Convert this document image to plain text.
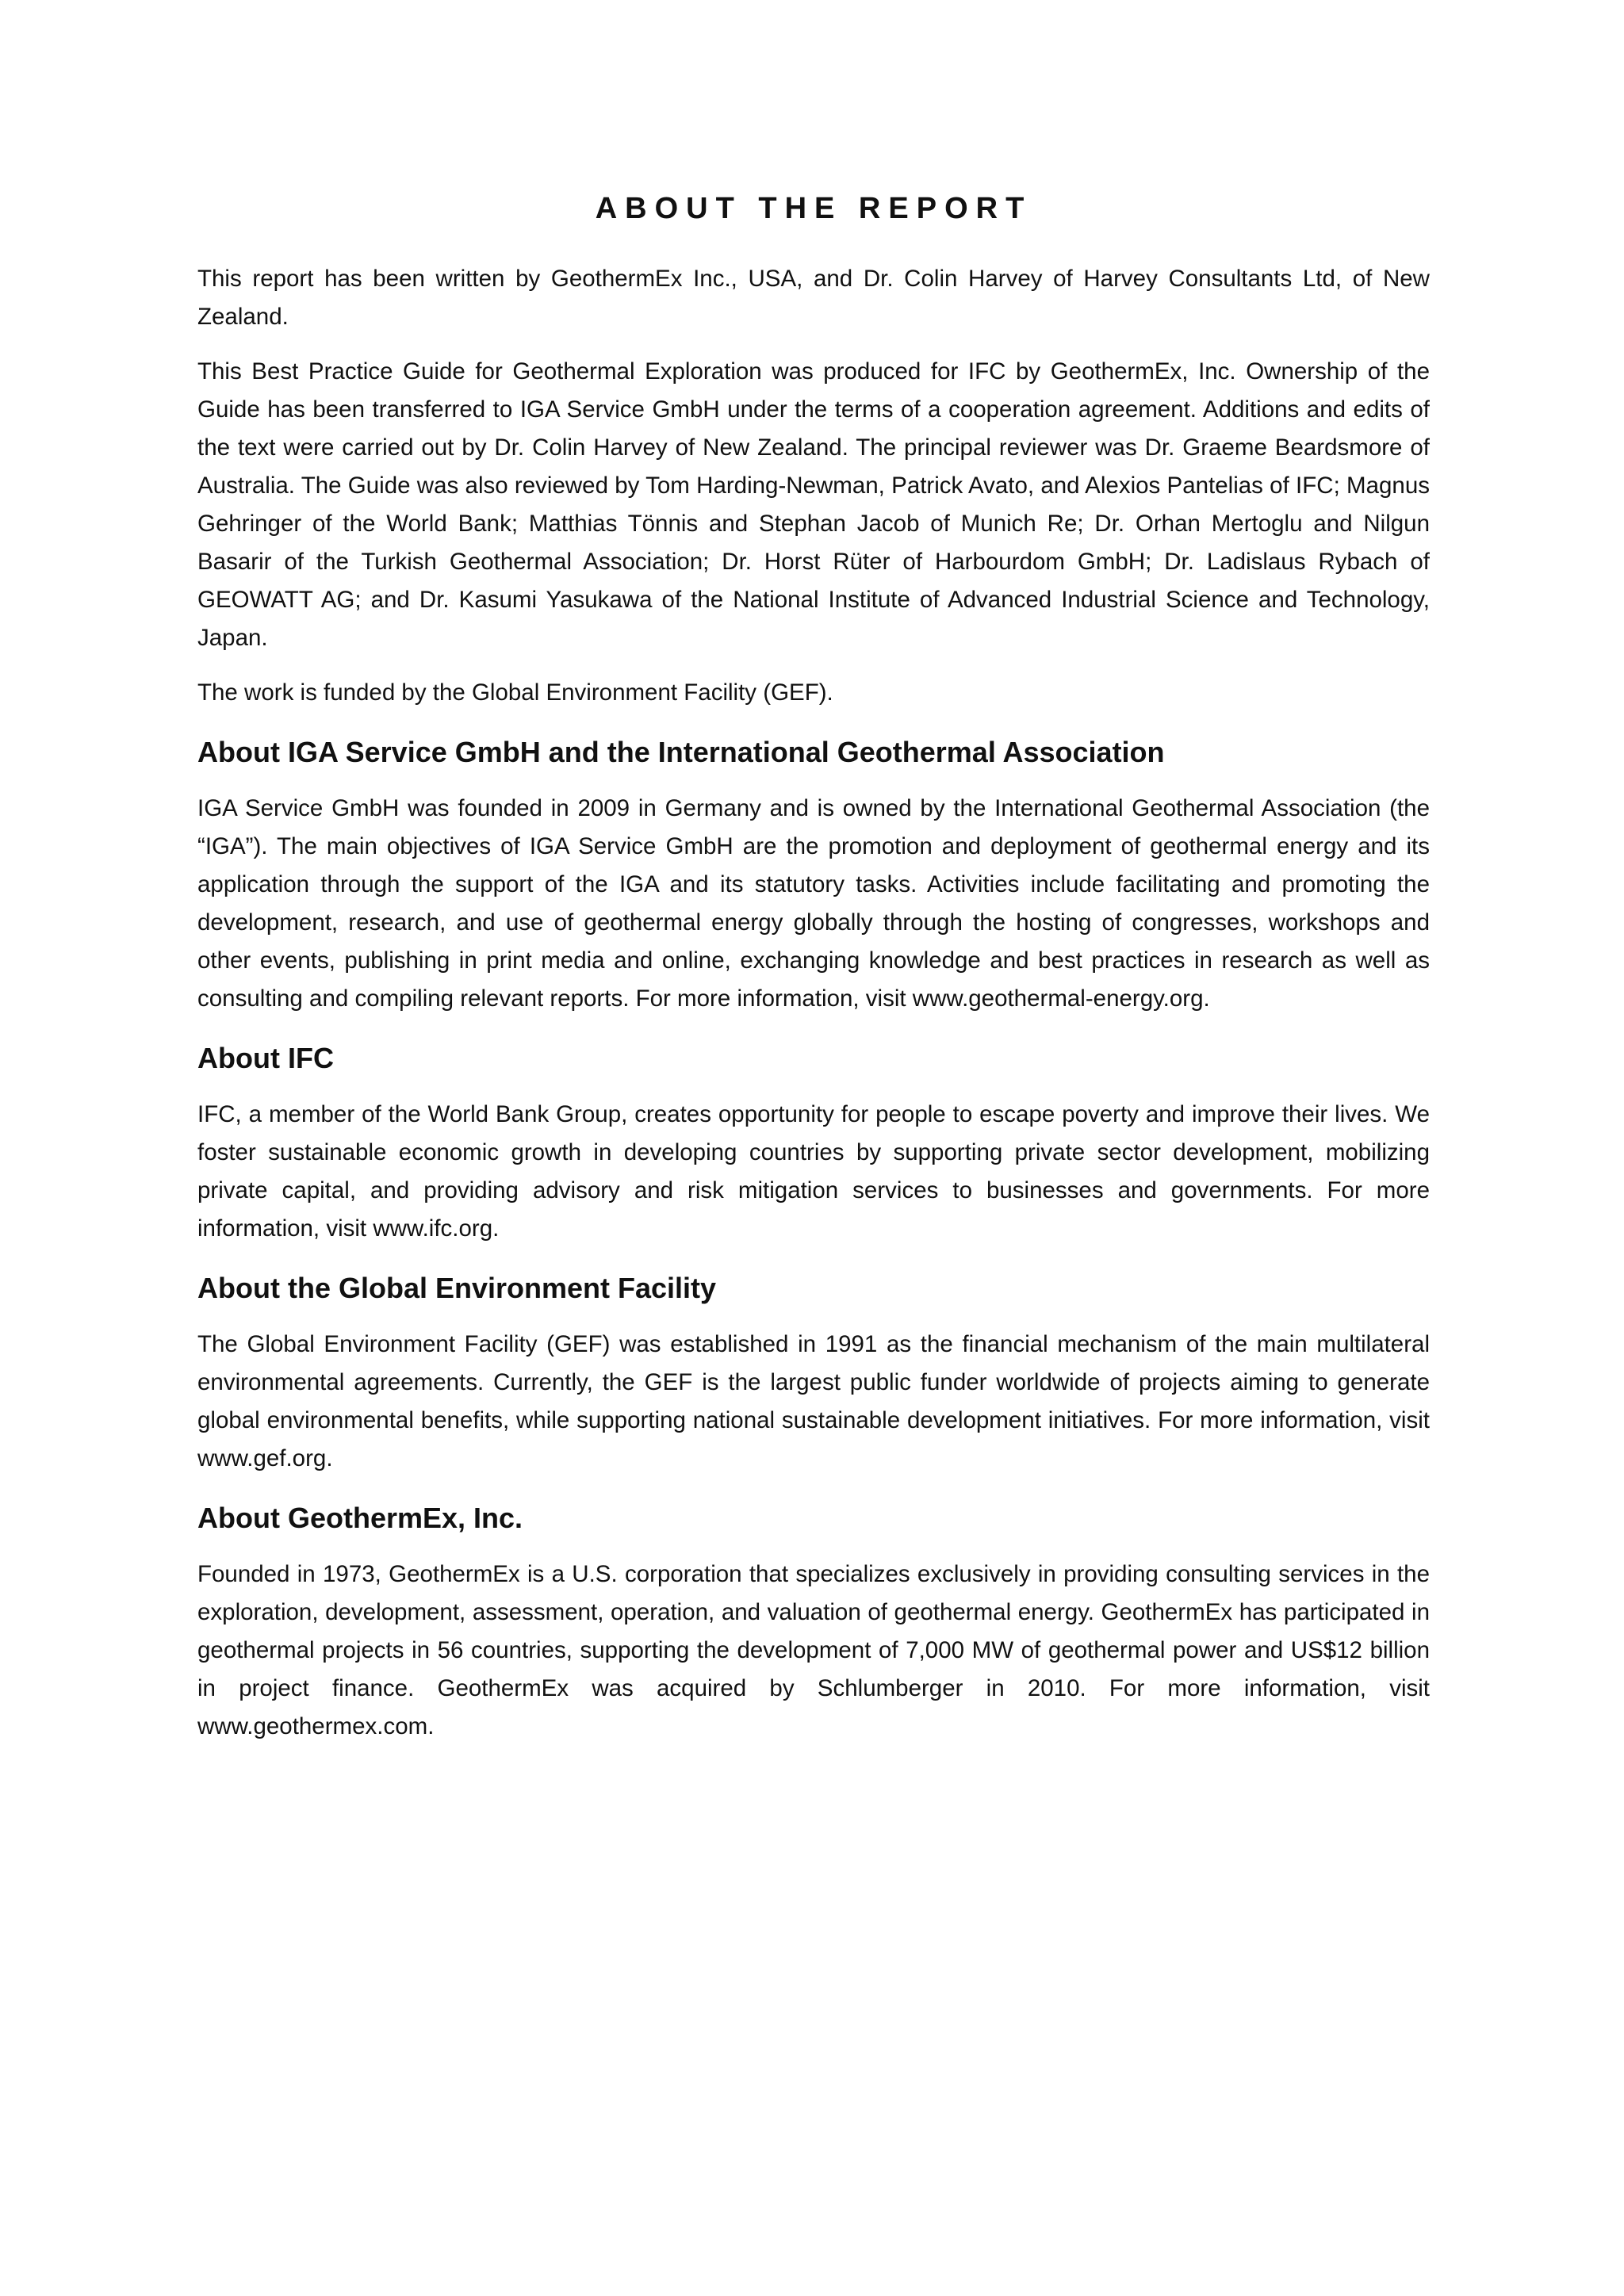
ABOUT THE REPORT

This report has been written by GeothermEx Inc., USA, and Dr. Colin Harvey of Harvey Consultants Ltd, of New Zealand.

This Best Practice Guide for Geothermal Exploration was produced for IFC by GeothermEx, Inc. Ownership of the Guide has been transferred to IGA Service GmbH under the terms of a cooperation agreement. Additions and edits of the text were carried out by Dr. Colin Harvey of New Zealand. The principal reviewer was Dr. Graeme Beardsmore of Australia. The Guide was also reviewed by Tom Harding-Newman, Patrick Avato, and Alexios Pantelias of IFC; Magnus Gehringer of the World Bank; Matthias Tönnis and Stephan Jacob of Munich Re; Dr. Orhan Mertoglu and Nilgun Basarir of the Turkish Geothermal Association; Dr. Horst Rüter of Harbourdom GmbH; Dr. Ladislaus Rybach of GEOWATT AG; and Dr. Kasumi Yasukawa of the National Institute of Advanced Industrial Science and Technology, Japan.

The work is funded by the Global Environment Facility (GEF).

About IGA Service GmbH and the International Geothermal Association

IGA Service GmbH was founded in 2009 in Germany and is owned by the International Geothermal Association (the “IGA”). The main objectives of IGA Service GmbH are the promotion and deployment of geothermal energy and its application through the support of the IGA and its statutory tasks. Activities include facilitating and promoting the development, research, and use of geothermal energy globally through the hosting of congresses, workshops and other events, publishing in print media and online, exchanging knowledge and best practices in research as well as consulting and compiling relevant reports. For more information, visit www.geothermal-energy.org.

About IFC

IFC, a member of the World Bank Group, creates opportunity for people to escape poverty and improve their lives. We foster sustainable economic growth in developing countries by supporting private sector development, mobilizing private capital, and providing advisory and risk mitigation services to businesses and governments. For more information, visit www.ifc.org.

About the Global Environment Facility

The Global Environment Facility (GEF) was established in 1991 as the financial mechanism of the main multilateral environmental agreements. Currently, the GEF is the largest public funder worldwide of projects aiming to generate global environmental benefits, while supporting national sustainable development initiatives. For more information, visit www.gef.org.

About GeothermEx, Inc.

Founded in 1973, GeothermEx is a U.S. corporation that specializes exclusively in providing consulting services in the exploration, development, assessment, operation, and valuation of geothermal energy. GeothermEx has participated in geothermal projects in 56 countries, supporting the development of 7,000 MW of geothermal power and US$12 billion in project finance. GeothermEx was acquired by Schlumberger in 2010. For more information, visit www.geothermex.com.
